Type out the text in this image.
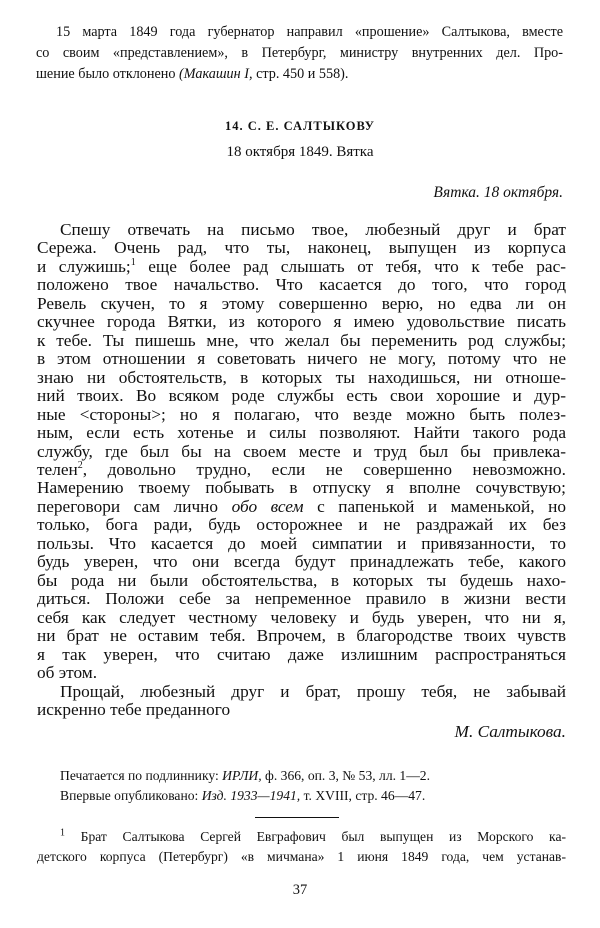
15 марта 1849 года губернатор направил «прошение» Салтыкова, вместе
со своим «представлением», в Петербург, министру внутренних дел. Про-
шение было отклонено (Макашин I, стр. 450 и 558).
14. С. Е. САЛТЫКОВУ
18 октября 1849. Вятка
Вятка. 18 октября.
Спешу отвечать на письмо твое, любезный друг и брат
Сережа. Очень рад, что ты, наконец, выпущен из корпуса
и служишь;$^1$ еще более рад слышать от тебя, что к тебе рас-
положено твое начальство. Что касается до того, что город
Ревель скучен, то я этому совершенно верю, но едва ли он
скучнее города Вятки, из которого я имею удовольствие писать
к тебе. Ты пишешь мне, что желал бы переменить род службы;
в этом отношении я советовать ничего не могу, потому что не
знаю ни обстоятельств, в которых ты находишься, ни отноше-
ний твоих. Во всяком роде службы есть свои хорошие и дур-
ные <стороны>; но я полагаю, что везде можно быть полез-
ным, если есть хотенье и силы позволяют. Найти такого рода
службу, где был бы на своем месте и труд был бы привлека-
телен$^2$, довольно трудно, если не совершенно невозможно.
Намерению твоему побывать в отпуску я вполне сочувствую;
переговори сам лично обо всем с папенькой и маменькой, но
только, бога ради, будь осторожнее и не раздражай их без
пользы. Что касается до моей симпатии и привязанности, то
будь уверен, что они всегда будут принадлежать тебе, какого
бы рода ни были обстоятельства, в которых ты будешь нахо-
диться. Положи себе за непременное правило в жизни вести
себя как следует честному человеку и будь уверен, что ни я,
ни брат не оставим тебя. Впрочем, в благородстве твоих чувств
я так уверен, что считаю даже излишним распространяться
об этом.
Прощай, любезный друг и брат, прошу тебя, не забывай
искренно тебе преданного
М. Салтыкова.
Печатается по подлиннику: ИРЛИ, ф. 366, оп. 3, № 53, лл. 1—2.
Впервые опубликовано: Изд. 1933—1941, т. XVIII, стр. 46—47.
$^1$ Брат Салтыкова Сергей Евграфович был выпущен из Морского ка-
детского корпуса (Петербург) «в мичмана» 1 июня 1849 года, чем устанав-
37
